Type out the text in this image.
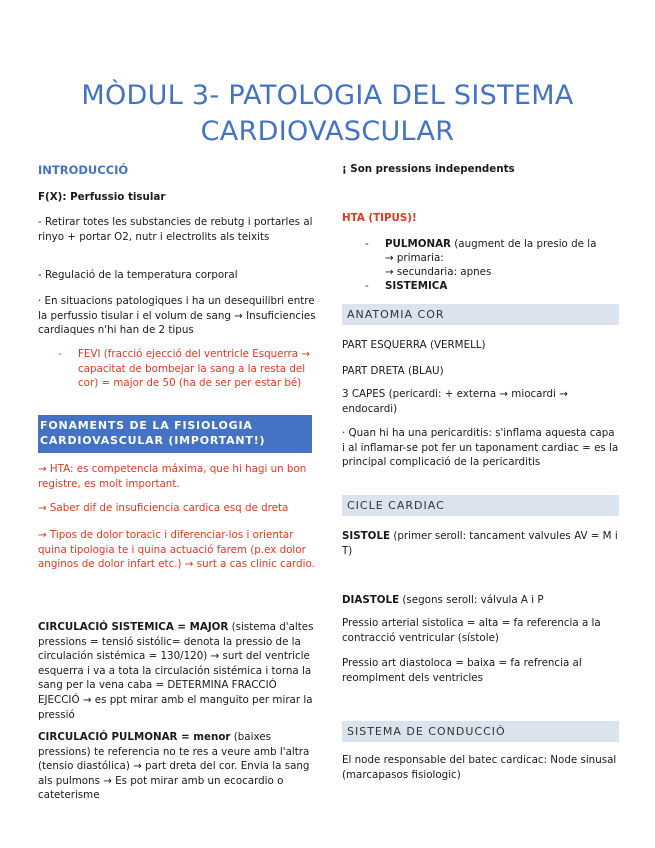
MÒDUL 3- PATOLOGIA DEL SISTEMA
CARDIOVASCULAR

INTRODUCCIÓ

F(X): Perfussio tisular

- Retirar totes les substancies de rebutg i portarles al rinyo + portar O2, nutr i electrolits als teixits

- Regulació de la temperatura corporal

· En situacions patologiques i ha un desequilibri entre la perfussio tisular i el volum de sang → Insuficiencies cardiaques n'hi han de 2 tipus

- FEVI (fracció ejecció del ventricle Esquerra → capacitat de bombejar la sang a la resta del cor) = major de 50 (ha de ser per estar bé)
FONAMENTS DE LA FISIOLOGIA CARDIOVASCULAR (IMPORTANT!)

→ HTA: es competencia máxima, que hi hagi un bon registre, es molt important.

→ Saber dif de insuficiencia cardica esq de dreta

→ Tipos de dolor toracic i diferenciar-los i orientar quina tipologia te i quina actuació farem (p.ex dolor anginos de dolor infart etc.) → surt a cas clinic cardio.

CIRCULACIÓ SISTEMICA = MAJOR (sistema d'altes pressions = tensió sistólic= denota la pressio de la circulación sistémica = 130/120) → surt del ventricle esquerra i va a tota la circulación sistémica i torna la sang per la vena caba = DETERMINA FRACCIÓ EJECCIÓ → es ppt mirar amb el manguito per mirar la pressió

CIRCULACIÓ PULMONAR = menor (baixes pressions) te referencia no te res a veure amb l'altra (tensio diastólica) → part dreta del cor. Envia la sang als pulmons → Es pot mirar amb un ecocardio o cateterisme

¡ Son pressions independents

HTA (TIPUS)!

- PULMONAR (augment de la presio de la

→ primaria:

→ secundaria: apnes

- SISTEMICA
ANATOMIA COR

PART ESQUERRA (VERMELL)

PART DRETA (BLAU)

3 CAPES (pericardi: + externa → miocardi → endocardi)

· Quan hi ha una pericarditis: s'inflama aquesta capa i al inflamar-se pot fer un taponament cardiac = es la principal complicació de la pericarditis

CICLE CARDIAC

SISTOLE (primer seroll: tancament valvules AV = M i T)

DIASTOLE (segons seroll: válvula A i P

Pressio arterial sistolica = alta = fa referencia a la contracció ventricular (sístole)

Pressio art diastoloca = baixa = fa refrencia al reomplment dels ventricles

SISTEMA DE CONDUCCIÒ

El node responsable del batec cardicac: Node sinusal (marcapasos fisiologic)
